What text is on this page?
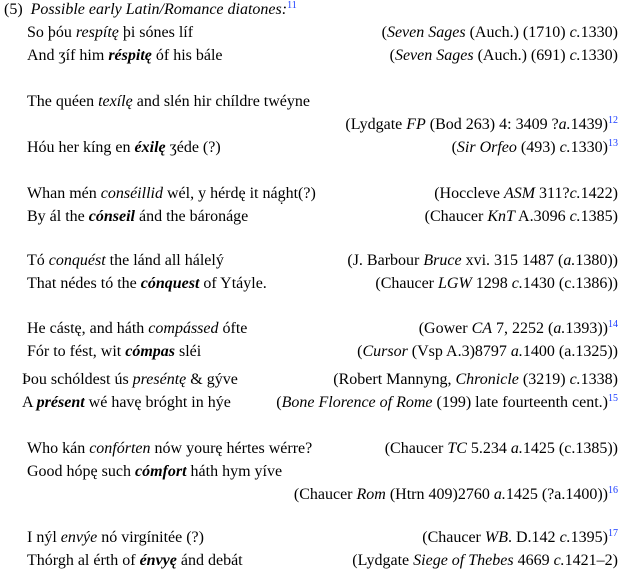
(5) Possible early Latin/Romance diatones:$^{11}$
So þóu respítę þi sónes líf	(Seven Sages (Auch.) (1710) c.1330)
And ʒíf him réspitę óf his bále	(Seven Sages (Auch.) (691) c.1330)
The quéen texílę and slén hir chíldre twéyne
(Lydgate FP (Bod 263) 4: 3409 ?a.1439)$^{12}$
Hóu her kíng en éxilę ʒéde (?)	(Sir Orfeo (493) c.1330)$^{13}$
Whan mén conséillid wél, y hérdę it nág̣ht(?)	(Hoccleve ASM 311?c.1422)
By ál the cónseil ánd the báronáge	(Chaucer KnT A.3096 c.1385)
Tó conquést the lánd all hálelý	(J. Barbour Bruce xvi. 315 1487 (a.1380))
That nédes tó the cónquest of Ytáyle.	(Chaucer LGW 1298 c.1430 (c.1386))
He cástę, and háth compássed ófte	(Gower CA 7, 2252 (a.1393))$^{14}$
Fór to fést, wit cómpas sléi	(Cursor (Vsp A.3)8797 a.1400 (a.1325))
Þou schóldest ús preséntę & gýve	(Robert Mannyng, Chronicle (3219) c.1338)
A présent wé havę bróght in hýe	(Bone Florence of Rome (199) late fourteenth cent.)$^{15}$
Who kán confórten nów yourę hértes wérre?	(Chaucer TC 5.234 a.1425 (c.1385))
Good hópę such cómfort háth hym yíve
(Chaucer Rom (Htrn 409)2760 a.1425 (?a.1400))$^{16}$
I nýl envýe nó virgínitée (?)	(Chaucer WB. D.142 c.1395)$^{17}$
Thórgh al érth of énvyę ánd debát	(Lydgate Siege of Thebes 4669 c.1421–2)
